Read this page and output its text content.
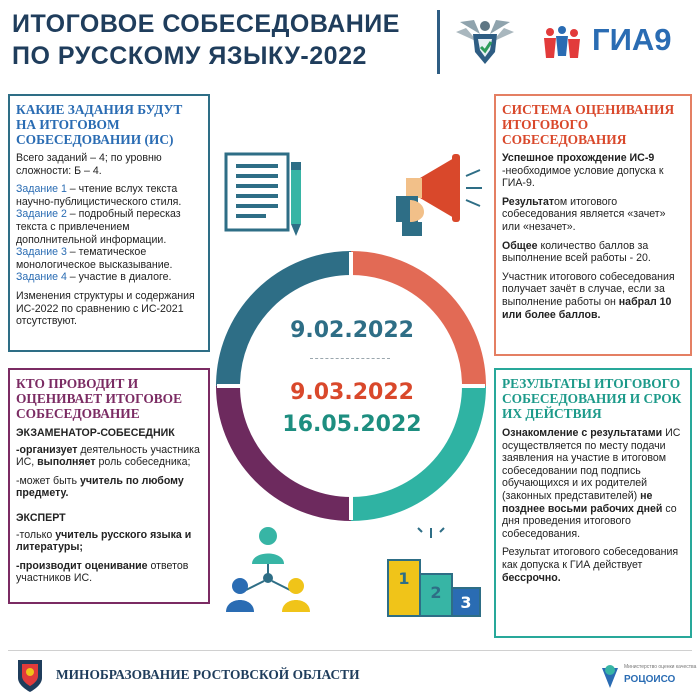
ИТОГОВОЕ СОБЕСЕДОВАНИЕ
ПО РУССКОМУ ЯЗЫКУ-2022	ГИА9
КАКИЕ ЗАДАНИЯ БУДУТ НА ИТОГОВОМ СОБЕСЕДОВАНИИ (ИС)
Всего заданий – 4; по уровню сложности: Б – 4.
Задание 1 – чтение вслух текста научно-публицистического стиля.
Задание 2 – подробный пересказ текста с привлечением дополнительной информации.
Задание 3 – тематическое монологическое высказывание.
Задание 4 – участие в диалоге.
Изменения структуры и содержания ИС-2022 по сравнению с ИС-2021 отсутствуют.
СИСТЕМА ОЦЕНИВАНИЯ ИТОГОВОГО СОБЕСЕДОВАНИЯ
Успешное прохождение ИС-9 -необходимое условие допуска к ГИА-9.
Результатом итогового собеседования является «зачет» или «незачет».
Общее количество баллов за выполнение всей работы - 20.
Участник итогового собеседования получает зачёт в случае, если за выполнение работы он набрал 10 или более баллов.
КТО ПРОВОДИТ И ОЦЕНИВАЕТ ИТОГОВОЕ СОБЕСЕДОВАНИЕ
ЭКЗАМЕНАТОР-СОБЕСЕДНИК
-организует деятельность участника ИС, выполняет роль собеседника;
-может быть учитель по любому предмету.
ЭКСПЕРТ
-только учитель русского языка и литературы;
-производит оценивание ответов участников ИС.
РЕЗУЛЬТАТЫ ИТОГОВОГО СОБЕСЕДОВАНИЯ И СРОК ИХ ДЕЙСТВИЯ
Ознакомление с результатами ИС осуществляется по месту подачи заявления на участие в итоговом собеседовании под подпись обучающихся и их родителей (законных представителей) не позднее восьми рабочих дней со дня проведения итогового собеседования.
Результат итогового собеседования как допуска к ГИА действует бессрочно.
9.02.2022
9.03.2022
16.05.2022
1
2
3
МИНОБРАЗОВАНИЕ РОСТОВСКОЙ ОБЛАСТИ	Министерство оценки качества
РОЦОИСО
